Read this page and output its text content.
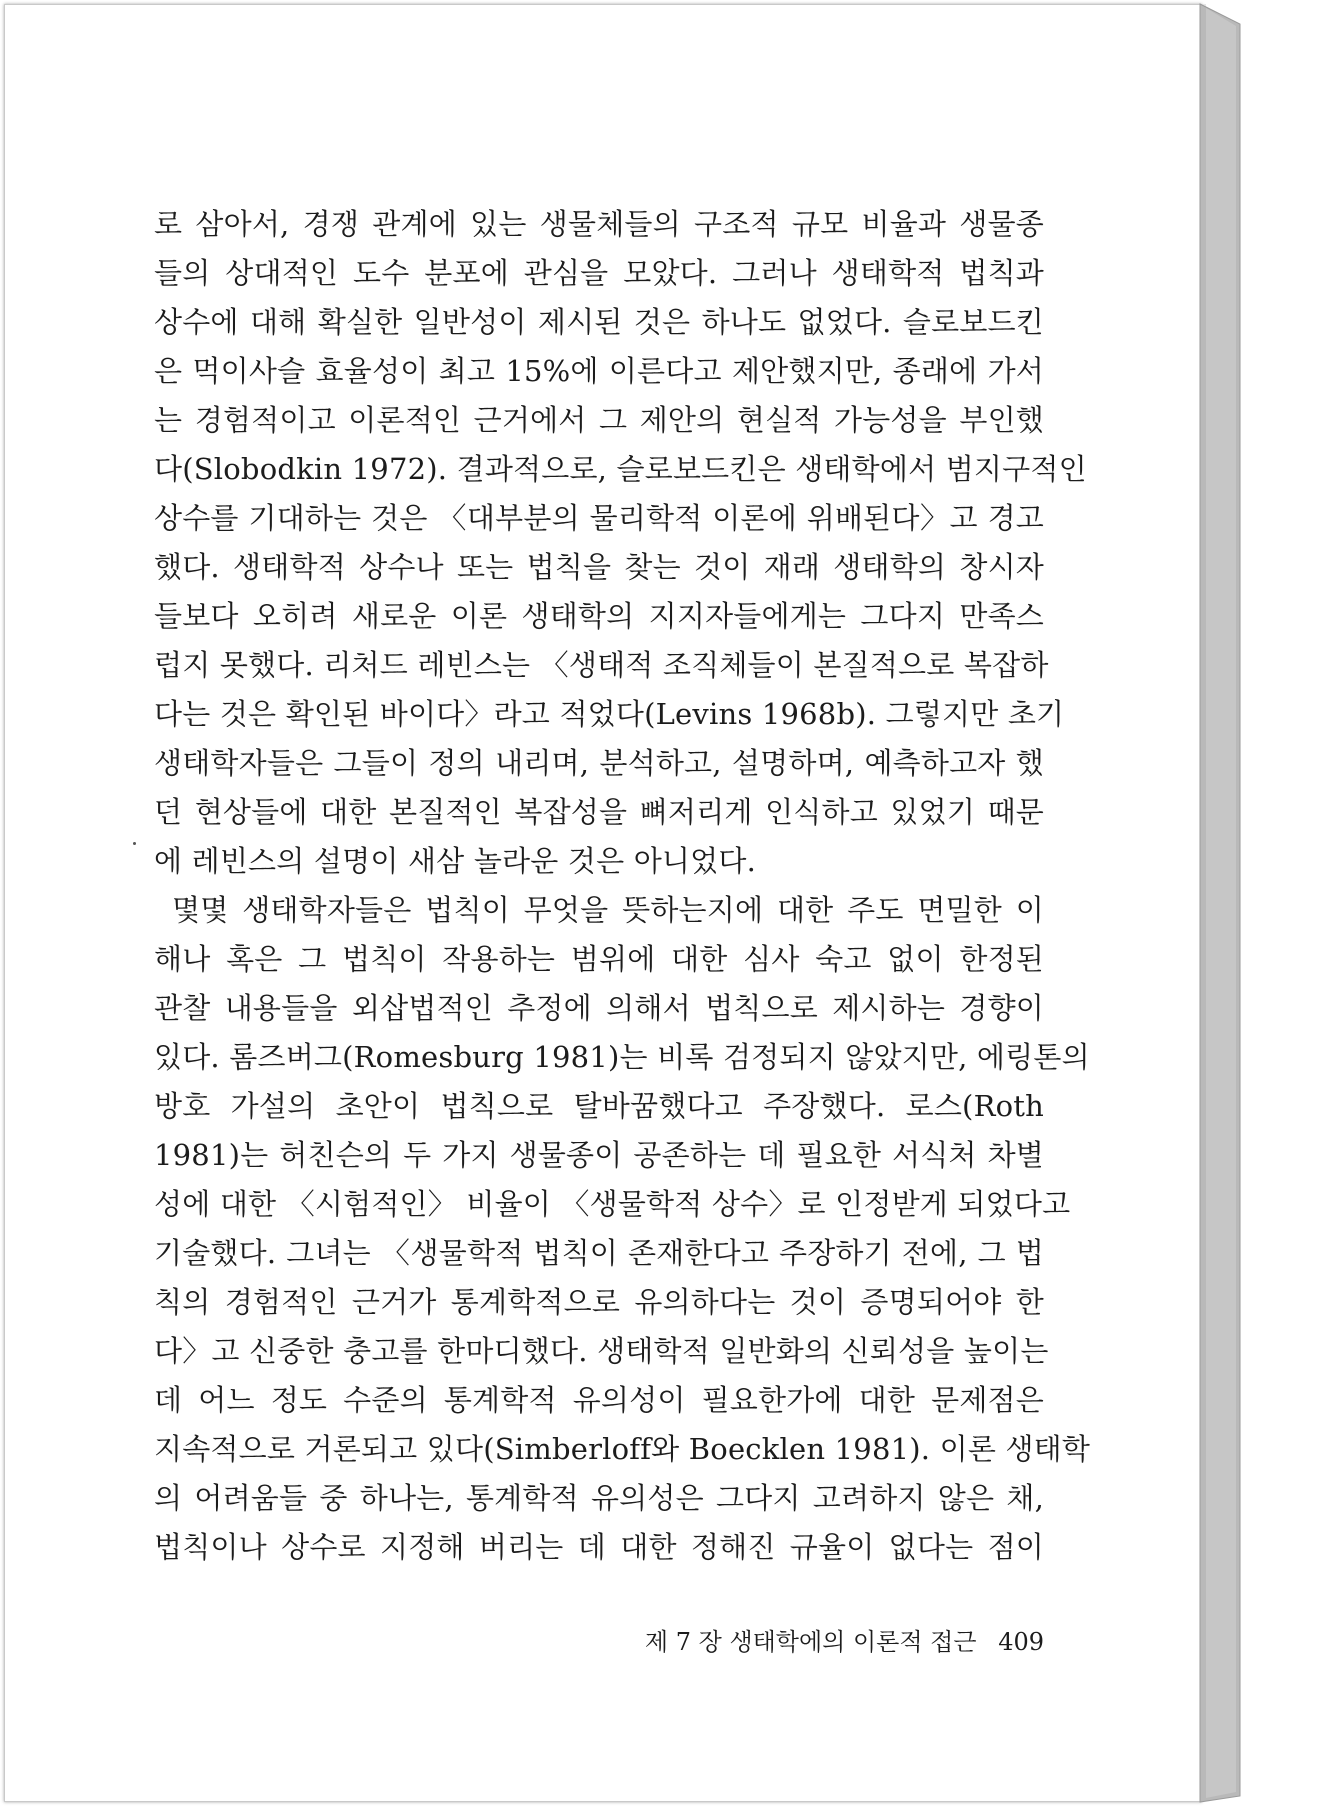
로 삼아서, 경쟁 관계에 있는 생물체들의 구조적 규모 비율과 생물종
들의 상대적인 도수 분포에 관심을 모았다. 그러나 생태학적 법칙과
상수에 대해 확실한 일반성이 제시된 것은 하나도 없었다. 슬로보드킨
은 먹이사슬 효율성이 최고 15%에 이른다고 제안했지만, 종래에 가서
는 경험적이고 이론적인 근거에서 그 제안의 현실적 가능성을 부인했
다(Slobodkin 1972). 결과적으로, 슬로보드킨은 생태학에서 범지구적인
상수를 기대하는 것은 〈대부분의 물리학적 이론에 위배된다〉고 경고
했다. 생태학적 상수나 또는 법칙을 찾는 것이 재래 생태학의 창시자
들보다 오히려 새로운 이론 생태학의 지지자들에게는 그다지 만족스
럽지 못했다. 리처드 레빈스는 〈생태적 조직체들이 본질적으로 복잡하
다는 것은 확인된 바이다〉라고 적었다(Levins 1968b). 그렇지만 초기
생태학자들은 그들이 정의 내리며, 분석하고, 설명하며, 예측하고자 했
던 현상들에 대한 본질적인 복잡성을 뼈저리게 인식하고 있었기 때문
에 레빈스의 설명이 새삼 놀라운 것은 아니었다.
몇몇 생태학자들은 법칙이 무엇을 뜻하는지에 대한 주도 면밀한 이
해나 혹은 그 법칙이 작용하는 범위에 대한 심사 숙고 없이 한정된
관찰 내용들을 외삽법적인 추정에 의해서 법칙으로 제시하는 경향이
있다. 롬즈버그(Romesburg 1981)는 비록 검정되지 않았지만, 에링톤의
방호 가설의 초안이 법칙으로 탈바꿈했다고 주장했다. 로스(Roth
1981)는 허친슨의 두 가지 생물종이 공존하는 데 필요한 서식처 차별
성에 대한 〈시험적인〉 비율이 〈생물학적 상수〉로 인정받게 되었다고
기술했다. 그녀는 〈생물학적 법칙이 존재한다고 주장하기 전에, 그 법
칙의 경험적인 근거가 통계학적으로 유의하다는 것이 증명되어야 한
다〉고 신중한 충고를 한마디했다. 생태학적 일반화의 신뢰성을 높이는
데 어느 정도 수준의 통계학적 유의성이 필요한가에 대한 문제점은
지속적으로 거론되고 있다(Simberloff와 Boecklen 1981). 이론 생태학
의 어려움들 중 하나는, 통계학적 유의성은 그다지 고려하지 않은 채,
법칙이나 상수로 지정해 버리는 데 대한 정해진 규율이 없다는 점이
제 7 장 생태학에의 이론적 접근 409
